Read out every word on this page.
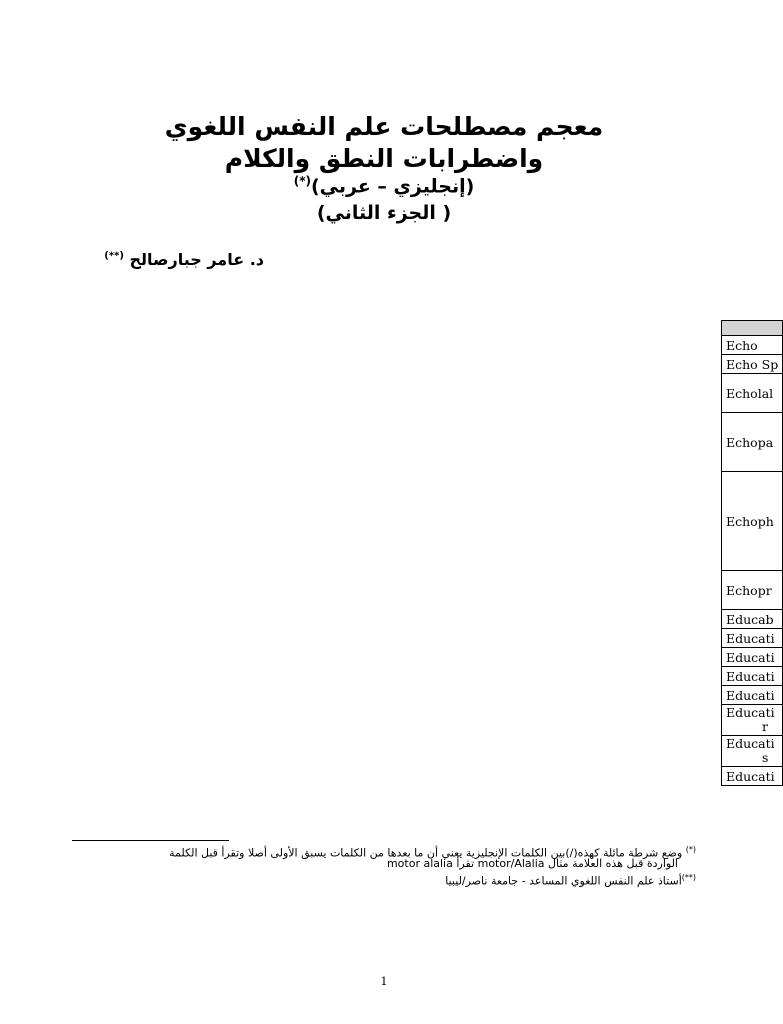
معجم مصطلحات علم النفس اللغوي
واضطرابات النطق والكلام
(إنجليزي – عربي)(*)
( الجزء الثاني)
د. عامر جبارصالح (**)

Echo
Echo Sp
Echolal
Echopa
Echoph
Echopr
Educab
Educati
Educati
Educati
Educati

Educati
r

Educati
s

Educati
(*) وضع شرطة مائلة كهذه(/)بين الكلمات الإنجليزية يعني أن ما بعدها من الكلمات يسبق الأولى أصلا وتقرأ قبل الكلمة
الواردة قبل هذه العلامة مثال motor/Alalia تقرأ motor alalia
(**)أستاذ علم النفس اللغوي المساعد - جامعة ناصر/ليبيا
1
